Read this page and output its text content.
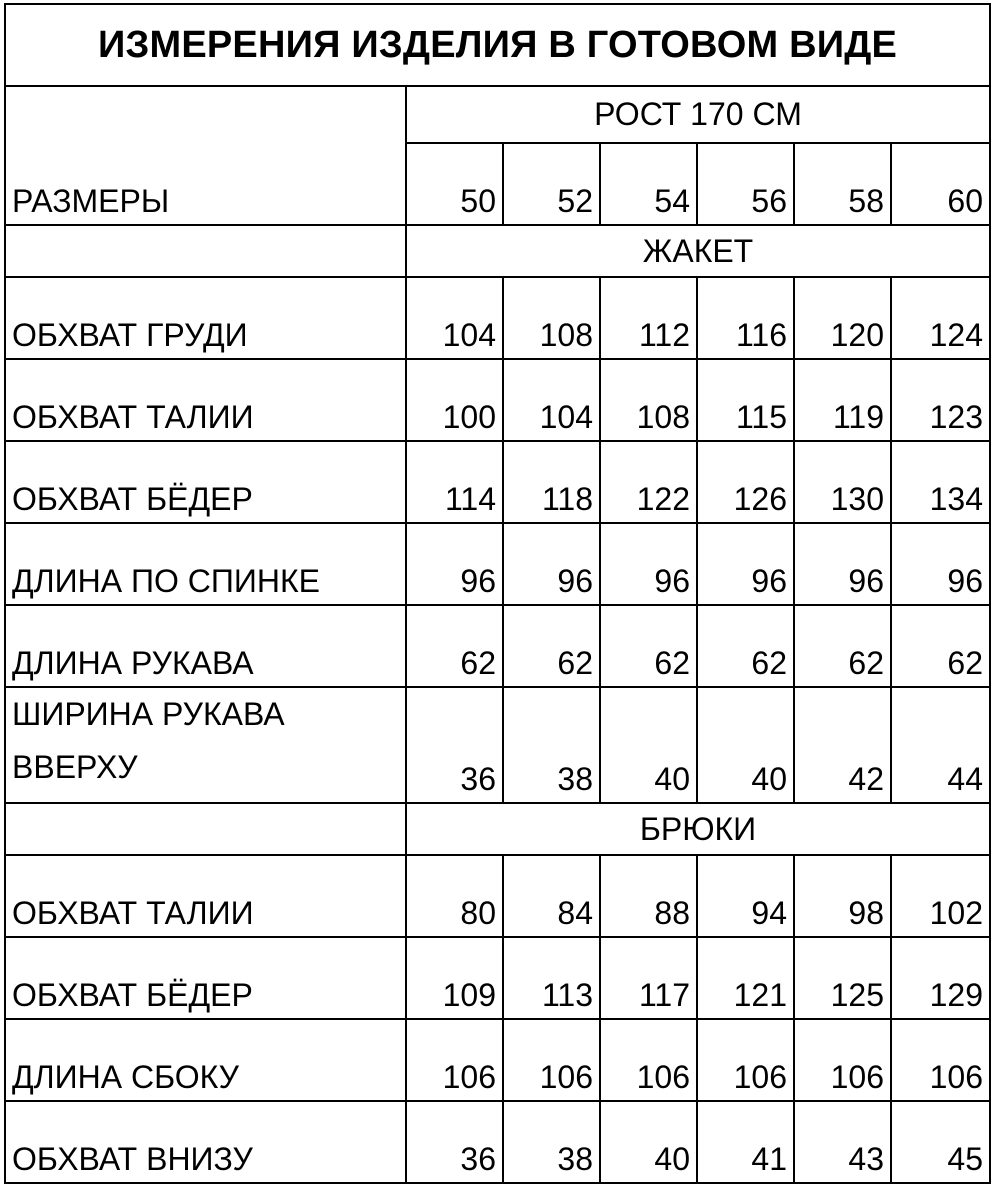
ИЗМЕРЕНИЯ ИЗДЕЛИЯ В ГОТОВОМ ВИДЕ						
РАЗМЕРЫ	РОСТ 170 СМ					
	50	52	54	56	58	60
	ЖАКЕТ					
ОБХВАТ ГРУДИ	104	108	112	116	120	124
ОБХВАТ ТАЛИИ	100	104	108	115	119	123
ОБХВАТ БЁДЕР	114	118	122	126	130	134
ДЛИНА ПО СПИНКЕ	96	96	96	96	96	96
ДЛИНА РУКАВА	62	62	62	62	62	62
ШИРИНА РУКАВА ВВЕРХУ	36	38	40	40	42	44
	БРЮКИ					
ОБХВАТ ТАЛИИ	80	84	88	94	98	102
ОБХВАТ БЁДЕР	109	113	117	121	125	129
ДЛИНА СБОКУ	106	106	106	106	106	106
ОБХВАТ ВНИЗУ	36	38	40	41	43	45
